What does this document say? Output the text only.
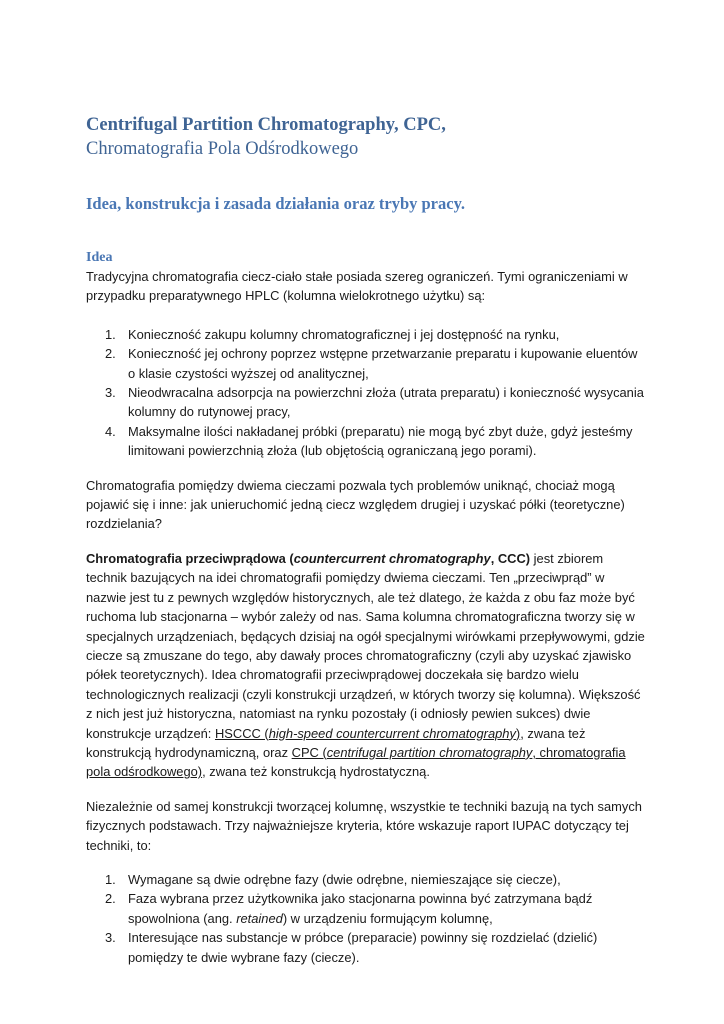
Centrifugal Partition Chromatography, CPC,
Chromatografia Pola Odśrodkowego
Idea, konstrukcja i zasada działania oraz tryby pracy.
Idea

Tradycyjna chromatografia ciecz-ciało stałe posiada szereg ograniczeń. Tymi ograniczeniami w przypadku preparatywnego HPLC (kolumna wielokrotnego użytku) są:

1. Konieczność zakupu kolumny chromatograficznej i jej dostępność na rynku,
2. Konieczność jej ochrony poprzez wstępne przetwarzanie preparatu i kupowanie eluentów o klasie czystości wyższej od analitycznej,
3. Nieodwracalna adsorpcja na powierzchni złoża (utrata preparatu) i konieczność wysycania kolumny do rutynowej pracy,
4. Maksymalne ilości nakładanej próbki (preparatu) nie mogą być zbyt duże, gdyż jesteśmy limitowani powierzchnią złoża (lub objętością ograniczaną jego porami).

Chromatografia pomiędzy dwiema cieczami pozwala tych problemów uniknąć, chociaż mogą pojawić się i inne: jak unieruchomić jedną ciecz względem drugiej i uzyskać półki (teoretyczne) rozdzielania?

Chromatografia przeciwprądowa (countercurrent chromatography, CCC) jest zbiorem technik bazujących na idei chromatografii pomiędzy dwiema cieczami. Ten „przeciwprąd” w nazwie jest tu z pewnych względów historycznych, ale też dlatego, że każda z obu faz może być ruchoma lub stacjonarna – wybór zależy od nas. Sama kolumna chromatograficzna tworzy się w specjalnych urządzeniach, będących dzisiaj na ogół specjalnymi wirówkami przepływowymi, gdzie ciecze są zmuszane do tego, aby dawały proces chromatograficzny (czyli aby uzyskać zjawisko półek teoretycznych). Idea chromatografii przeciwprądowej doczekała się bardzo wielu technologicznych realizacji (czyli konstrukcji urządzeń, w których tworzy się kolumna). Większość z nich jest już historyczna, natomiast na rynku pozostały (i odniosły pewien sukces) dwie konstrukcje urządzeń: HSCCC (high-speed countercurrent chromatography), zwana też konstrukcją hydrodynamiczną, oraz CPC (centrifugal partition chromatography, chromatografia pola odśrodkowego), zwana też konstrukcją hydrostatyczną.

Niezależnie od samej konstrukcji tworzącej kolumnę, wszystkie te techniki bazują na tych samych fizycznych podstawach. Trzy najważniejsze kryteria, które wskazuje raport IUPAC dotyczący tej techniki, to:

1. Wymagane są dwie odrębne fazy (dwie odrębne, niemieszające się ciecze),
2. Faza wybrana przez użytkownika jako stacjonarna powinna być zatrzymana bądź spowolniona (ang. retained) w urządzeniu formującym kolumnę,
3. Interesujące nas substancje w próbce (preparacie) powinny się rozdzielać (dzielić) pomiędzy te dwie wybrane fazy (ciecze).
